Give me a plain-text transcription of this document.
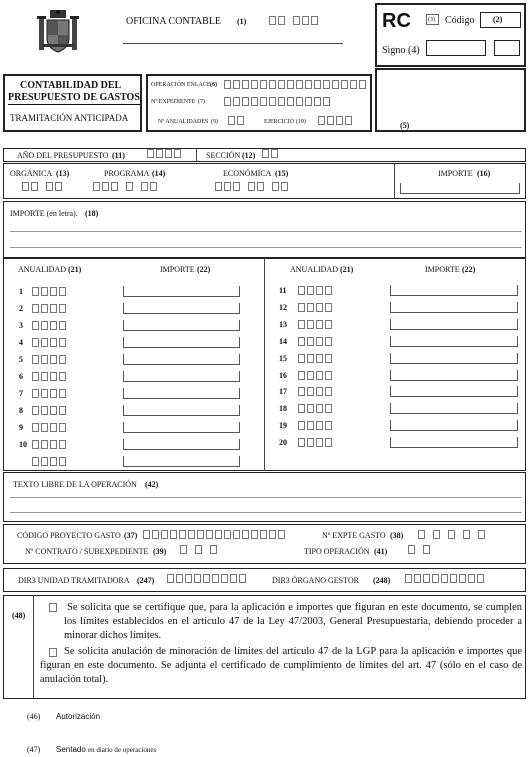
OFICINA CONTABLE (1)	RC	(3) Código (2)
Signo (4)
CONTABILIDAD DEL
PRESUPUESTO DE GASTOS
TRAMITACIÓN ANTICIPADA
OPERACIÓN ENLACE (6)
Nº EXPEDIENTE (7)
Nº ANUALIDADES (9)	EJERCICIO (10)	(5)
AÑO DEL PRESUPUESTO (11)	SECCIÓN (12)
ORGÁNICA (13)	PROGRAMA (14)	ECONÓMICA (15)	IMPORTE (16)
IMPORTE (en letra). (18)
ANUALIDAD (21)	IMPORTE (22)	ANUALIDAD (21)	IMPORTE (22)
1
2
3
4
5
6
7
8
9
10
11
12
13
14
15
16
17
18
19
20
TEXTO LIBRE DE LA OPERACIÓN (42)
CÓDIGO PROYECTO GASTO (37)	Nº EXPTE GASTO (38)
Nº CONTRATO / SUBEXPEDIENTE (39)	TIPO OPERACIÓN (41)
DIR3 UNIDAD TRAMITADORA (247)	DIR3 ÓRGANO GESTOR (248)
(48)
Se solicita que se certifique que, para la aplicación e importes que figuran en este documento, se cumplen los límites establecidos en el artículo 47 de la Ley 47/2003, General Presupuestaria, debiendo proceder a minorar dichos límites.
Se solicita anulación de minoración de límites del artículo 47 de la LGP para la aplicación e importes que figuran en este documento. Se adjunta el certificado de cumplimiento de límites del art. 47 (sólo en el caso de anulación total).
(46) Autorización
(47) Sentado en diario de operaciones
